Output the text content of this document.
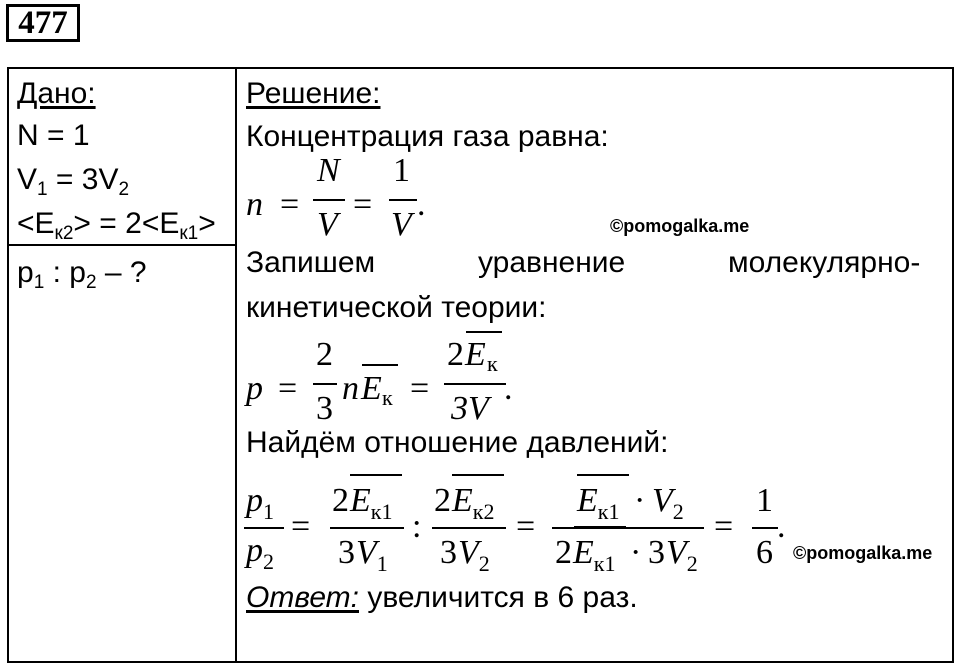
477
Дано:
N = 1
$V_1 = 3V_2$
$<E_{к2}> = 2<E_{к1}>$
$p_1$ : $p_2$ – ?
Решение:
Концентрация газа равна:
Запишем	уравнение	молекулярно-
кинетической теории:
Найдём отношение давлений:
Ответ: увеличится в 6 раз.
n =
N
V
=
1
V
.
©pomogalka.me
p =
2
3
n E к =
2 E к
3V
.
$p_1$
$p_2$
=
2 $E_{к1}$
3 $V_1$
:
2 $E_{к2}$
3 $V_2$
=
$E_{к1} \cdot V_2$
2 $E_{к1} \cdot 3$ $V_2$
=
1
6
.
©pomogalka.me
